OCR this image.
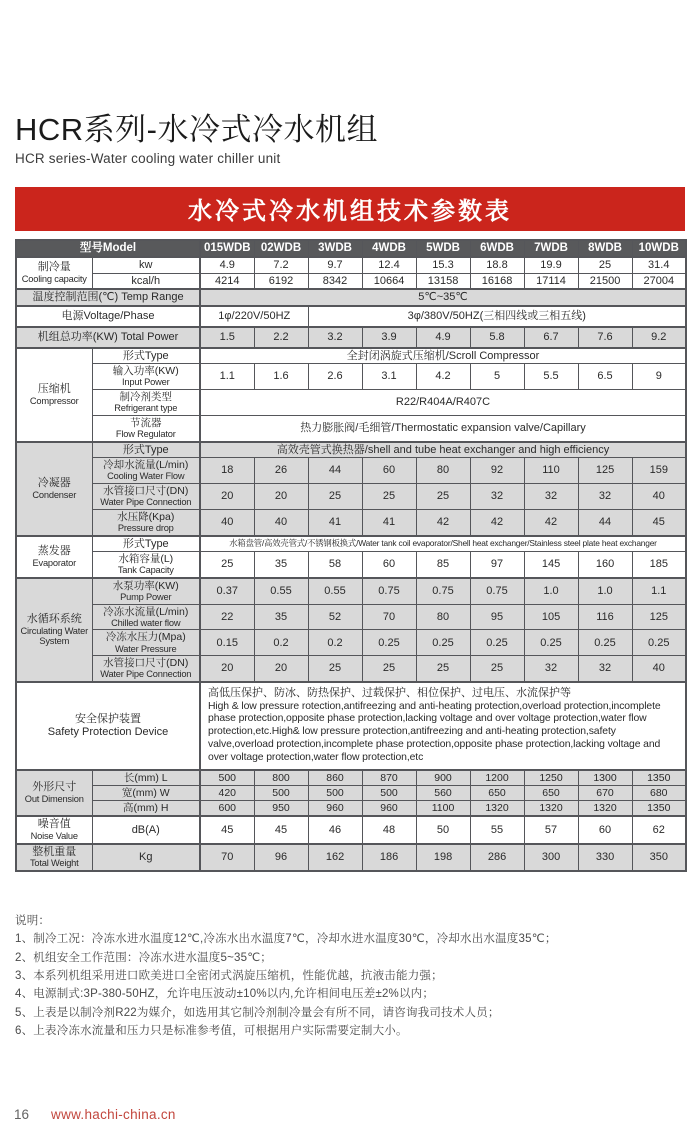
HCR系列-水冷式冷水机组
HCR series-Water cooling water chiller unit
水冷式冷水机组技术参数表
型号Model		015WDB	02WDB	3WDB	4WDB	5WDB	6WDB	7WDB	8WDB	10WDB

制冷量
Cooling capacity	kw	4.9	7.2	9.7	12.4	15.3	18.8	19.9	25	31.4
	kcal/h	4214	6192	8342	10664	13158	16168	17114	21500	27004
温度控制范围(℃) Temp Range		5℃~35℃								
电源Voltage/Phase		1φ/220V/50HZ		3φ/380V/50HZ(三相四线或三相五线)						
机组总功率(KW) Total Power		1.5	2.2	3.2	3.9	4.9	5.8	6.7	7.6	9.2

压缩机
Compressor	形式Type	全封闭涡旋式压缩机/Scroll Compressor								

	输入功率(KW)
Input Power	1.1	1.6	2.6	3.1	4.2	5	5.5	6.5	9

	制冷剂类型
Refrigerant type	R22/R404A/R407C								

	节流器
Flow Regulator	热力膨胀阀/毛细管/Thermostatic expansion valve/Capillary								

冷凝器
Condenser	形式Type	高效壳管式换热器/shell and tube heat exchanger and high efficiency								

	冷却水流量(L/min)
Cooling Water Flow	18	26	44	60	80	92	110	125	159

	水管接口尺寸(DN)
Water Pipe Connection	20	20	25	25	25	32	32	32	40

	水压降(Kpa)
Pressure drop	40	40	41	41	42	42	42	44	45

蒸发器
Evaporator	形式Type	水箱盘管/高效壳管式/不锈钢板换式/Water tank coil evaporator/Shell heat exchanger/Stainless steel plate heat exchanger								

	水箱容量(L)
Tank Capacity	25	35	58	60	85	97	145	160	185

水循环系统
Circulating Water System

水泵功率(KW)
Pump Power
	0.37	0.55	0.55	0.75	0.75	0.75	1.0	1.0	1.1

	冷冻水流量(L/min)
Chilled water flow	22	35	52	70	80	95	105	116	125

	冷冻水压力(Mpa)
Water Pressure	0.15	0.2	0.2	0.25	0.25	0.25	0.25	0.25	0.25

	水管接口尺寸(DN)
Water Pipe Connection	20	20	25	25	25	25	32	32	40

安全保护装置
Safety Protection Device

高低压保护、防冰、防热保护、过载保护、相位保护、过电压、水流保护等
High & low pressure rotection,antifreezing and anti-heating protection,overload protection,incomplete phase protection,opposite phase protection,lacking voltage and over voltage protection,water flow protection,etc.High& low pressure protection,antifreezing and anti-heating protection,safety valve,overload protection,incomplete phase protection,opposite phase protection,lacking voltage and over voltage protection,water flow protection,etc

外形尺寸
Out Dimension	长(mm) L	500	800	860	870	900	1200	1250	1300	1350
	宽(mm) W	420	500	500	500	560	650	650	670	680
	高(mm) H	600	950	960	960	1100	1320	1320	1320	1350

噪音值
Noise Value	dB(A)	45	45	46	48	50	55	57	60	62

整机重量
Total Weight	Kg	70	96	162	186	198	286	300	330	350
说明：
1、制冷工况：冷冻水进水温度12℃,冷冻水出水温度7℃，冷却水进水温度30℃，冷却水出水温度35℃；
2、机组安全工作范围：冷冻水进水温度5~35℃；
3、本系列机组采用进口欧美进口全密闭式涡旋压缩机，性能优越，抗液击能力强；
4、电源制式:3P-380-50HZ，允许电压波动±10%以内,允许相间电压差±2%以内；
5、上表是以制冷剂R22为媒介，如选用其它制冷剂制冷量会有所不同，请咨询我司技术人员；
6、上表冷冻水流量和压力只是标准参考值，可根据用户实际需要定制大小。
16 www.hachi-china.cn
